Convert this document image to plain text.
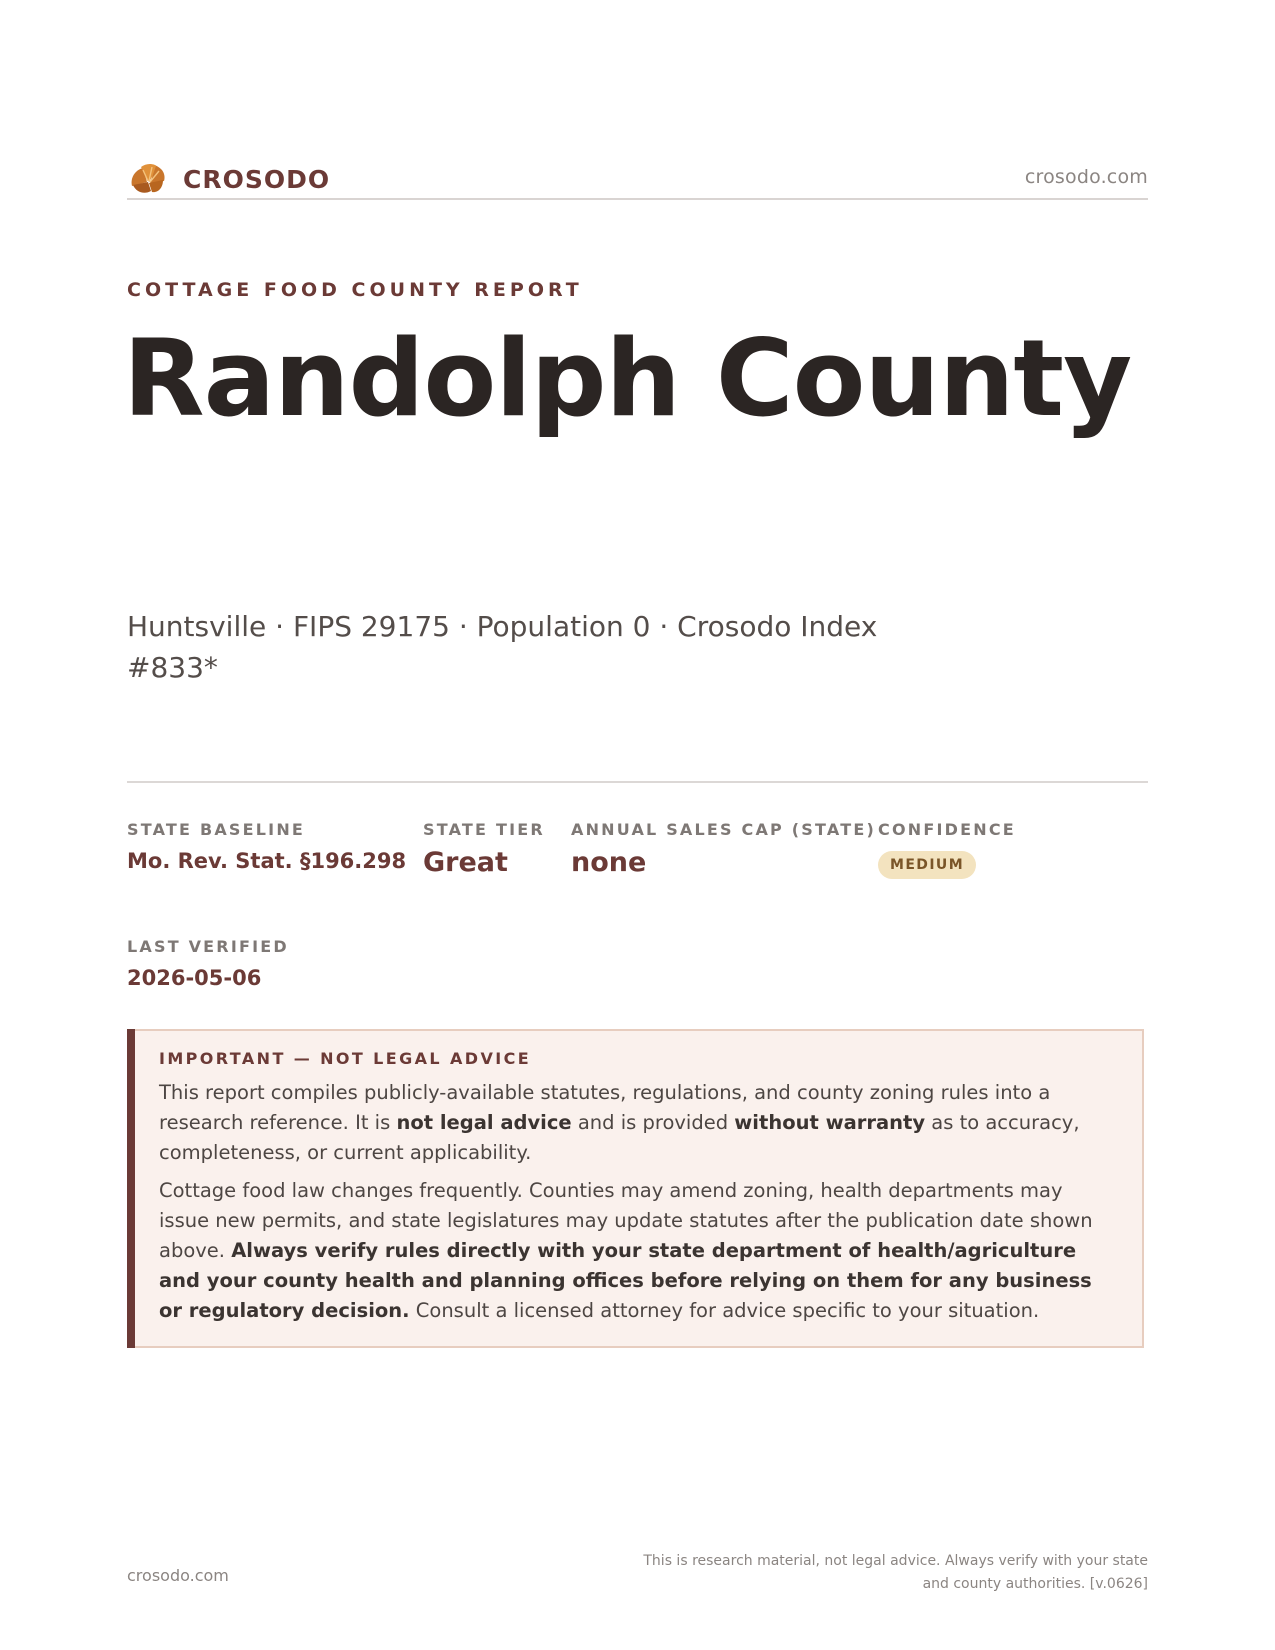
CROSODO	crosodo.com
COTTAGE FOOD COUNTY REPORT
Randolph County
Huntsville · FIPS 29175 · Population 0 · Crosodo Index #833*
STATE BASELINE
Mo. Rev. Stat. §196.298
STATE TIER
Great
ANNUAL SALES CAP (STATE)
none
CONFIDENCE
MEDIUM
LAST VERIFIED
2026-05-06
IMPORTANT — NOT LEGAL ADVICE

This report compiles publicly-available statutes, regulations, and county zoning rules into a research reference. It is not legal advice and is provided without warranty as to accuracy, completeness, or current applicability.

Cottage food law changes frequently. Counties may amend zoning, health departments may issue new permits, and state legislatures may update statutes after the publication date shown above. Always verify rules directly with your state department of health/agriculture and your county health and planning offices before relying on them for any business or regulatory decision. Consult a licensed attorney for advice specific to your situation.

crosodo.com
This is research material, not legal advice. Always verify with your state
and county authorities. [v.0626]
